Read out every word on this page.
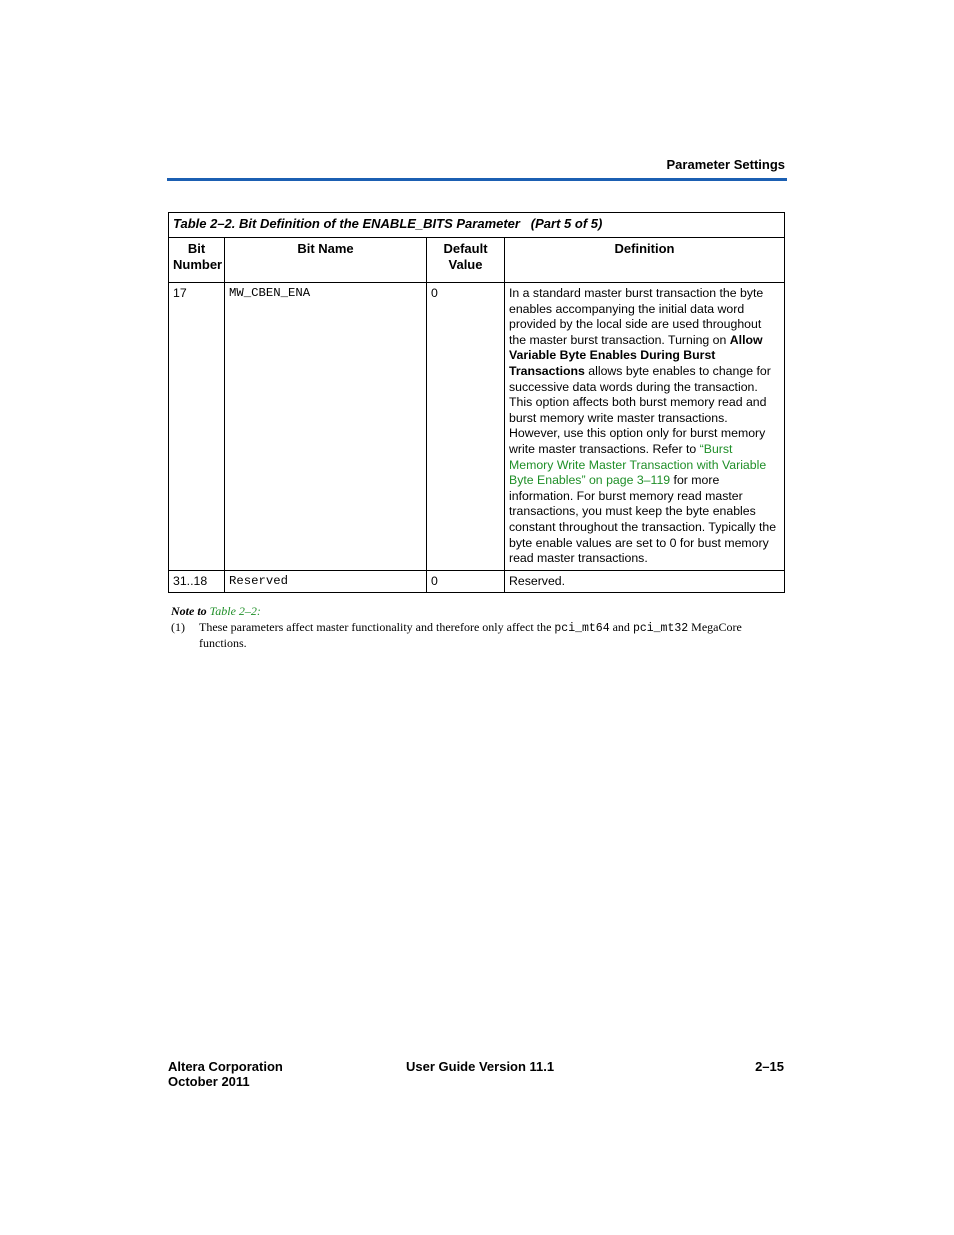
Parameter Settings
Table 2–2. Bit Definition of the ENABLE_BITS Parameter   (Part 5 of 5)			
Bit Number	Bit Name	Default Value	Definition
17	MW_CBEN_ENA	0	In a standard master burst transaction the byte enables accompanying the initial data word provided by the local side are used throughout the master burst transaction. Turning on Allow Variable Byte Enables During Burst Transactions allows byte enables to change for successive data words during the transaction. This option affects both burst memory read and burst memory write master transactions. However, use this option only for burst memory write master transactions. Refer to “Burst Memory Write Master Transaction with Variable Byte Enables” on page 3–119 for more information. For burst memory read master transactions, you must keep the byte enables constant throughout the transaction. Typically the byte enable values are set to 0 for bust memory read master transactions.
31..18	Reserved	0	Reserved.
Note to Table 2–2:
(1)	These parameters affect master functionality and therefore only affect the pci_mt64 and pci_mt32 MegaCore functions.
Altera Corporation
October 2011
User Guide Version 11.1	2–15
